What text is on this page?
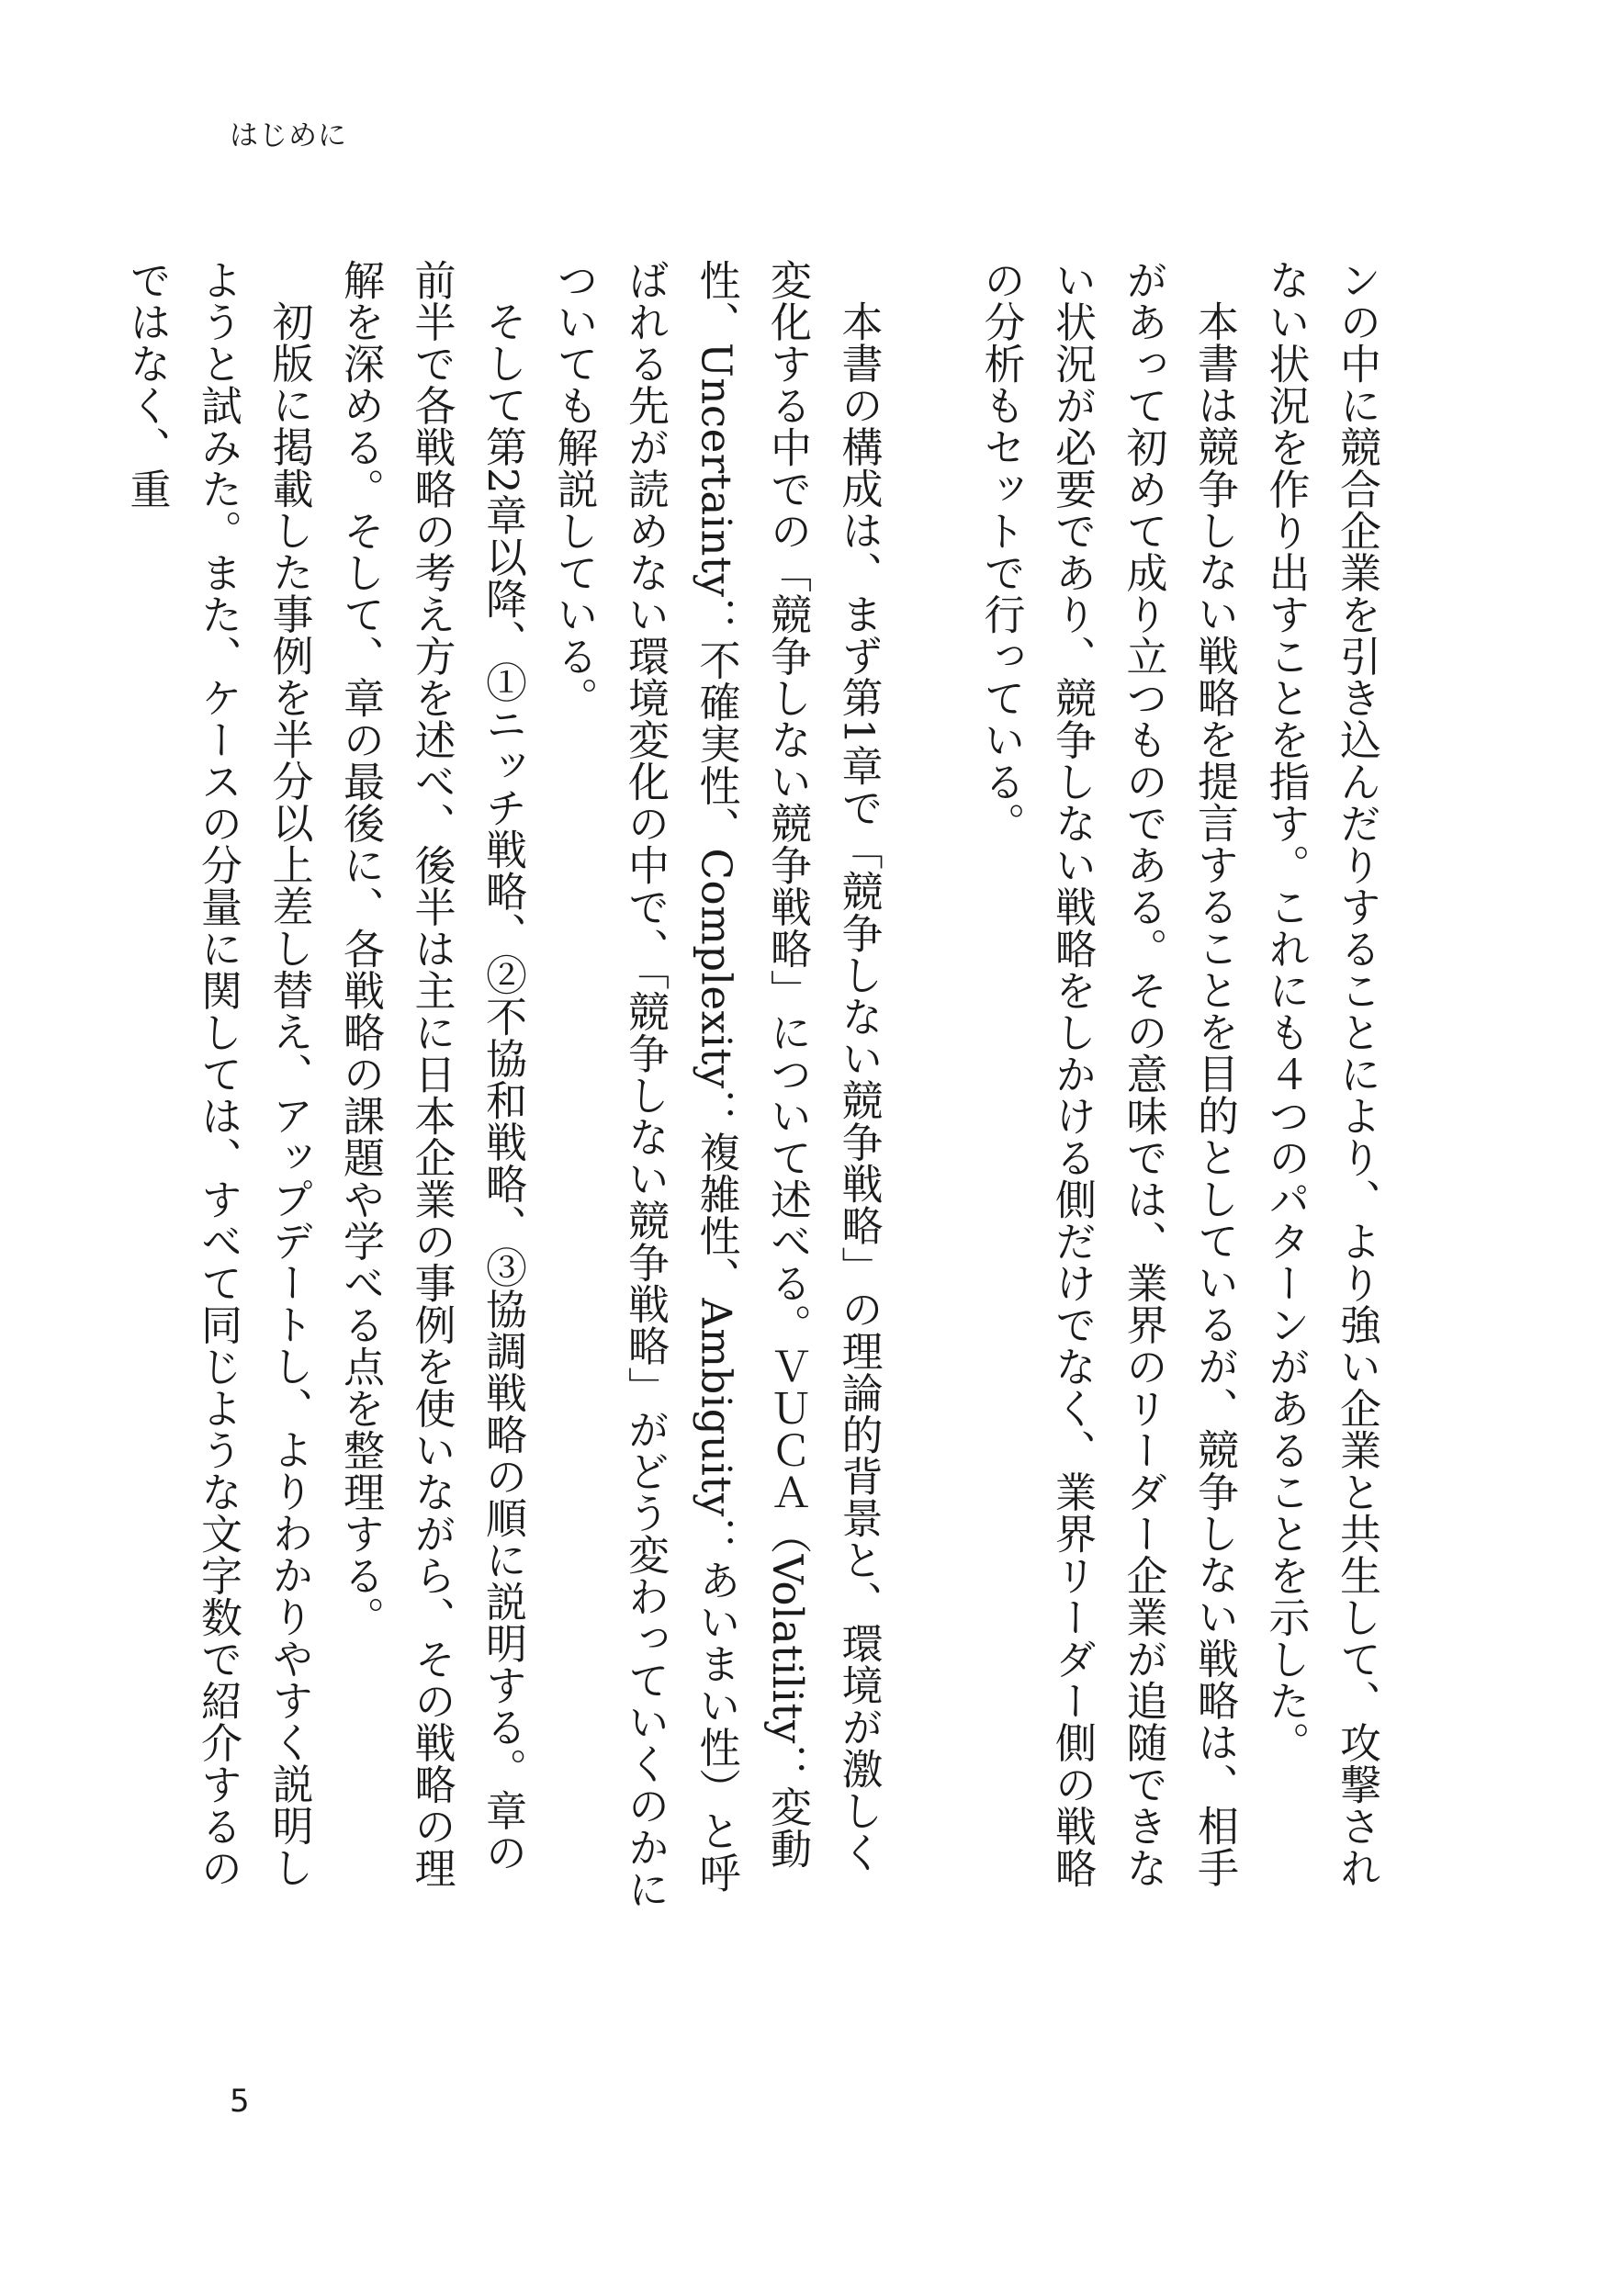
はじめに

ンの中に競合企業を引き込んだりすることにより、より強い企業と共生して、攻撃されない状況を作り出すことを指す。これにも４つのパターンがあることを示した。

本書は競争しない戦略を提言することを目的としているが、競争しない戦略は、相手があって初めて成り立つものである。その意味では、業界のリーダー企業が追随できない状況が必要であり、競争しない戦略をしかける側だけでなく、業界リーダー側の戦略の分析もセットで行っている。

本書の構成は、まず第1章で「競争しない競争戦略」の理論的背景と、環境が激しく変化する中での「競争しない競争戦略」について述べる。ＶＵＣＡ（Volatility：変動性、Uncertainty：不確実性、Complexity：複雑性、Ambiguity：あいまい性）と呼ばれる先が読めない環境変化の中で、「競争しない競争戦略」がどう変わっていくのかについても解説している。

そして第2章以降、①ニッチ戦略、②不協和戦略、③協調戦略の順に説明する。章の前半で各戦略の考え方を述べ、後半は主に日本企業の事例を使いながら、その戦略の理解を深める。そして、章の最後に、各戦略の課題や学べる点を整理する。

初版に掲載した事例を半分以上差し替え、アップデートし、よりわかりやすく説明しようと試みた。また、ケースの分量に関しては、すべて同じような文字数で紹介するのではなく、重

5
